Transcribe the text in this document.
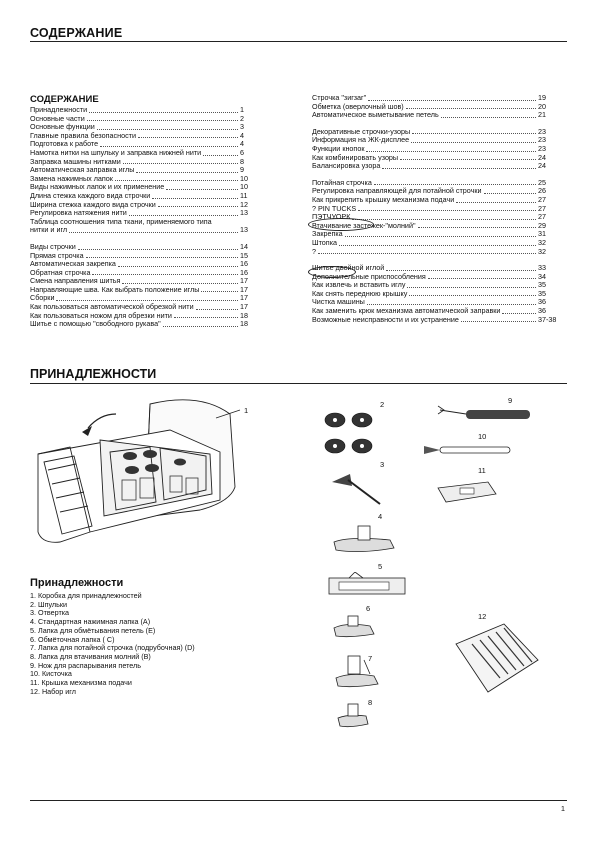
СОДЕРЖАНИЕ
СОДЕРЖАНИЕ
Принадлежности	1
Основные части	2
Основные функции	3
Главные правила безопасности	4
Подготовка к работе	4
Намотка нитки на шпульку и заправка нижней нити	6
Заправка машины нитками	8
Автоматическая заправка иглы	9
Замена нажимных лапок	10
Виды нажимных лапок и их применение	10
Длина стежка каждого вида строчки	11
Ширина стежка каждого вида строчки	12
Регулировка натяжения нити	13
Таблица соотношения типа ткани, применяемого типа
нитки и игл	13
Виды строчки	14
Прямая строчка	15
Автоматическая закрепка	16
Обратная строчка	16
Смена направления шитья	17
Направляющие шва. Как выбрать положение иглы	17
Сборки	17
Как пользоваться автоматической обрезкой нити	17
Как пользоваться ножом для обрезки нити	18
Шитье с помощью "свободного рукава"	18
Строчка "зигзаг"	19
Обметка (оверлочный шов)	20
Автоматическое выметывание петель	21
Декоративные строчки-узоры	23
Информация на ЖК-дисплее	23
Функции кнопок	23
Как комбинировать узоры	24
Балансировка узора	24
Потайная строчка	25
Регулировка направляющей для потайной строчки	26
Как прикрепить крышку механизма подачи	27
? PIN TUCKS	27
ПЭТЧУОРК	27
Втачивание застежек-"молний"	29
Закрепка	31
Штопка	32
?	32
Шитье двойной иглой	33
Дополнительные приспособления	34
Как извлечь и вставить иглу	35
Как снять переднюю крышку	35
Чистка машины	36
Как заменить крюк механизма автоматической заправки	36
Возможные неисправности и их устранение	37-38
ПРИНАДЛЕЖНОСТИ
1
2
3
4
5
6
7
8
9
10
11
12
Принадлежности
1. Коробка для принадлежностей
2. Шпульки
3. Отвертка
4. Стандартная нажимная лапка (А)
5. Лапка для обмётывания петель (Е)
6. Обмёточная лапка ( С)
7. Лапка для потайной строчка (подрубочная) (D)
8. Лапка для втачивания молний (В)
9. Нож для распарывания петель
10. Кисточка
11. Крышка механизма подачи
12. Набор игл
1
